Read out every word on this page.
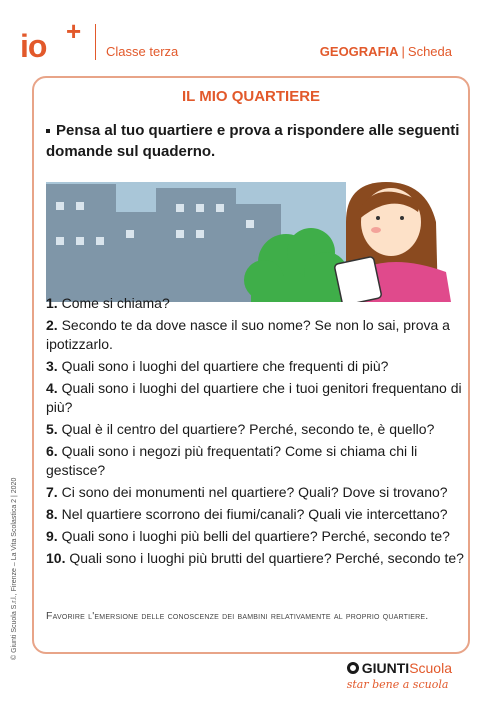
io +
Classe terza	GEOGRAFIA | Scheda
IL MIO QUARTIERE
Pensa al tuo quartiere e prova a rispondere alle seguenti domande sul quaderno.
1. Come si chiama?
2. Secondo te da dove nasce il suo nome? Se non lo sai, prova a ipotizzarlo.
3. Quali sono i luoghi del quartiere che frequenti di più?
4. Quali sono i luoghi del quartiere che i tuoi genitori frequentano di più?
5. Qual è il centro del quartiere? Perché, secondo te, è quello?
6. Quali sono i negozi più frequentati? Come si chiama chi li gestisce?
7. Ci sono dei monumenti nel quartiere? Quali? Dove si trovano?
8. Nel quartiere scorrono dei fiumi/canali? Quali vie intercettano?
9. Quali sono i luoghi più belli del quartiere? Perché, secondo te?
10. Quali sono i luoghi più brutti del quartiere? Perché, secondo te?
Favorire l'emersione delle conoscenze dei bambini relativamente al proprio quartiere.
© Giunti Scuola S.r.l., Firenze – La Vita Scolastica 2 | 2020
GIUNTIScuola
star bene a scuola
